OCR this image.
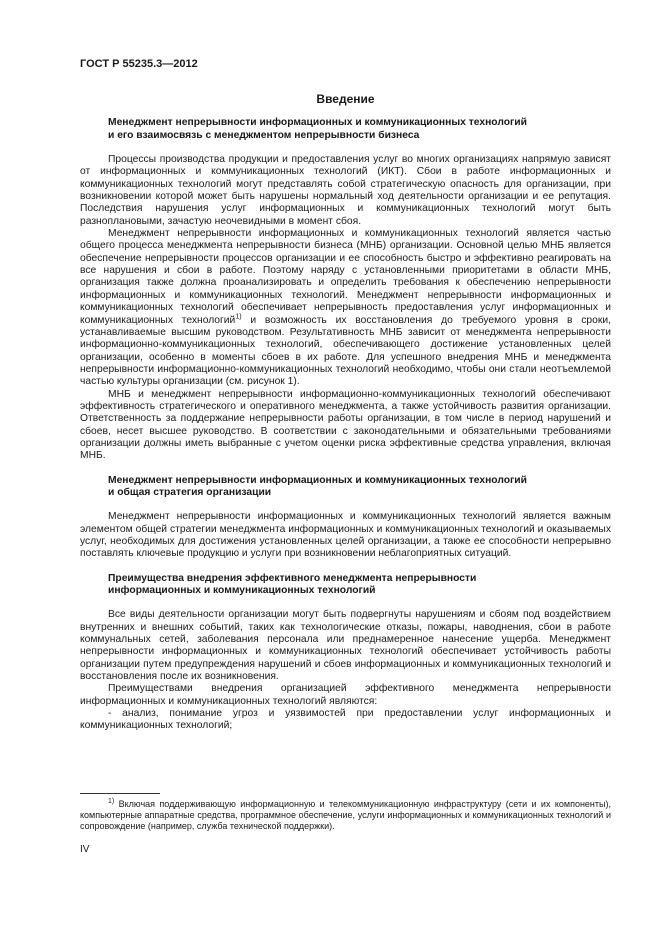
ГОСТ Р 55235.3—2012
Введение
Менеджмент непрерывности информационных и коммуникационных технологий
и его взаимосвязь с менеджментом непрерывности бизнеса

Процессы производства продукции и предоставления услуг во многих организациях напрямую зависят от информационных и коммуникационных технологий (ИКТ). Сбои в работе информационных и коммуникационных технологий могут представлять собой стратегическую опасность для организации, при возникновении которой может быть нарушены нормальный ход деятельности организации и ее репутация. Последствия нарушения услуг информационных и коммуникационных технологий могут быть разноплановыми, зачастую неочевидными в момент сбоя.

Менеджмент непрерывности информационных и коммуникационных технологий является частью общего процесса менеджмента непрерывности бизнеса (МНБ) организации. Основной целью МНБ является обеспечение непрерывности процессов организации и ее способность быстро и эффективно реагировать на все нарушения и сбои в работе. Поэтому наряду с установленными приоритетами в области МНБ, организация также должна проанализировать и определить требования к обеспечению непрерывности информационных и коммуникационных технологий. Менеджмент непрерывности информационных и коммуникационных технологий обеспечивает непрерывность предоставления услуг информационных и коммуникационных технологий$^{1)}$ и возможность их восстановления до требуемого уровня в сроки, устанавливаемые высшим руководством. Результативность МНБ зависит от менеджмента непрерывности информационно-коммуникационных технологий, обеспечивающего достижение установленных целей организации, особенно в моменты сбоев в их работе. Для успешного внедрения МНБ и менеджмента непрерывности информационно-коммуникационных технологий необходимо, чтобы они стали неотъемлемой частью культуры организации (см. рисунок 1).

МНБ и менеджмент непрерывности информационно-коммуникационных технологий обеспечивают эффективность стратегического и оперативного менеджмента, а также устойчивость развития организации. Ответственность за поддержание непрерывности работы организации, в том числе в период нарушений и сбоев, несет высшее руководство. В соответствии с законодательными и обязательными требованиями организации должны иметь выбранные с учетом оценки риска эффективные средства управления, включая МНБ.

Менеджмент непрерывности информационных и коммуникационных технологий
и общая стратегия организации

Менеджмент непрерывности информационных и коммуникационных технологий является важным элементом общей стратегии менеджмента информационных и коммуникационных технологий и оказываемых услуг, необходимых для достижения установленных целей организации, а также ее способности непрерывно поставлять ключевые продукцию и услуги при возникновении неблагоприятных ситуаций.

Преимущества внедрения эффективного менеджмента непрерывности
информационных и коммуникационных технологий

Все виды деятельности организации могут быть подвергнуты нарушениям и сбоям под воздействием внутренних и внешних событий, таких как технологические отказы, пожары, наводнения, сбои в работе коммунальных сетей, заболевания персонала или преднамеренное нанесение ущерба. Менеджмент непрерывности информационных и коммуникационных технологий обеспечивает устойчивость работы организации путем предупреждения нарушений и сбоев информационных и коммуникационных технологий и восстановления после их возникновения.

Преимуществами внедрения организацией эффективного менеджмента непрерывности информационных и коммуникационных технологий являются:

- анализ, понимание угроз и уязвимостей при предоставлении услуг информационных и коммуникационных технологий;

$^{1)}$ Включая поддерживающую информационную и телекоммуникационную инфраструктуру (сети и их компоненты), компьютерные аппаратные средства, программное обеспечение, услуги информационных и коммуникационных технологий и сопровождение (например, служба технической поддержки).
IV
